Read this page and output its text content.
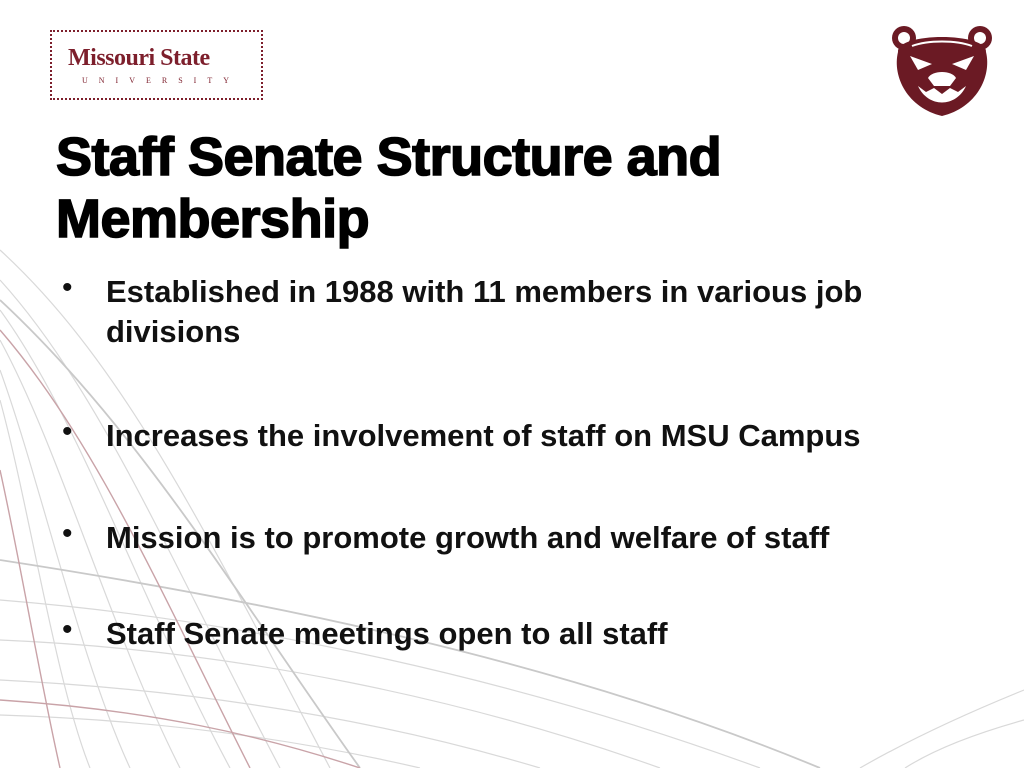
Missouri State
UNIVERSITY
Staff Senate Structure and Membership
• Established in 1988 with 11 members in various job divisions
• Increases the involvement of staff on MSU Campus
• Mission is to promote growth and welfare of staff
• Staff Senate meetings open to all staff
